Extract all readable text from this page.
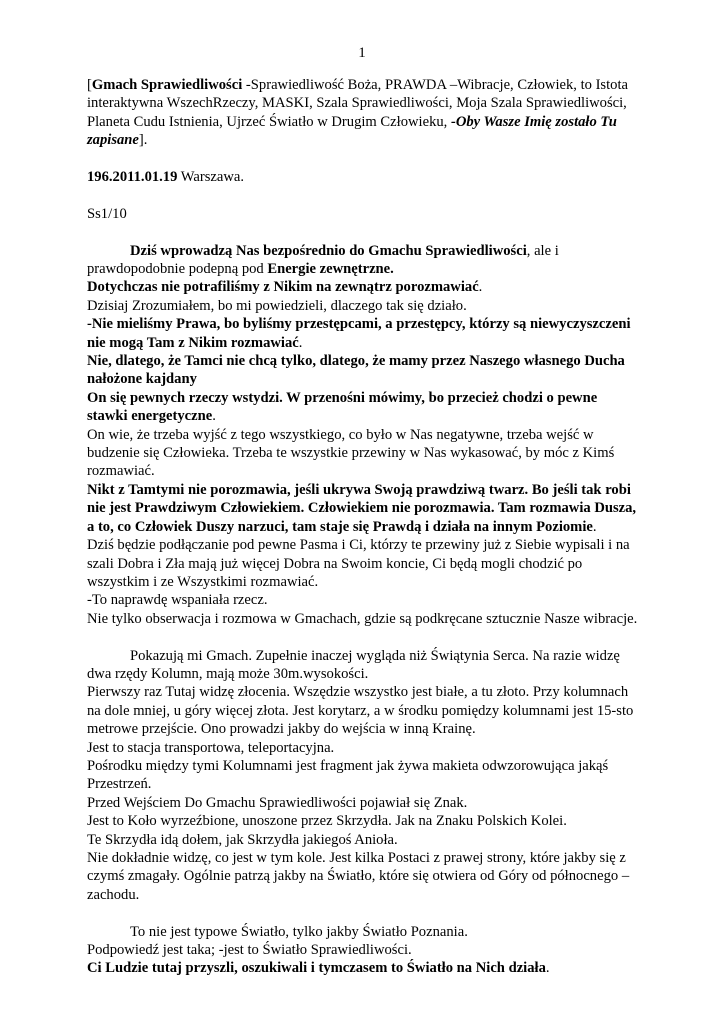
1

[Gmach Sprawiedliwości -Sprawiedliwość Boża, PRAWDA –Wibracje, Człowiek, to Istota

interaktywna WszechRzeczy, MASKI, Szala Sprawiedliwości, Moja Szala Sprawiedliwości,

Planeta Cudu Istnienia, Ujrzeć Światło w Drugim Człowieku, -Oby Wasze Imię zostało Tu

zapisane].

196.2011.01.19 Warszawa.

Ss1/10

Dziś wprowadzą Nas bezpośrednio do Gmachu Sprawiedliwości, ale i

prawdopodobnie podepną pod Energie zewnętrzne.

Dotychczas nie potrafiliśmy z Nikim na zewnątrz porozmawiać.

Dzisiaj Zrozumiałem, bo mi powiedzieli, dlaczego tak się działo.

-Nie mieliśmy Prawa, bo byliśmy przestępcami, a przestępcy, którzy są niewyczyszczeni

nie mogą Tam z Nikim rozmawiać.

Nie, dlatego, że Tamci nie chcą tylko, dlatego, że mamy przez Naszego własnego Ducha

nałożone kajdany

On się pewnych rzeczy wstydzi. W przenośni mówimy, bo przecież chodzi o pewne

stawki energetyczne.

On wie, że trzeba wyjść z tego wszystkiego, co było w Nas negatywne, trzeba wejść w

budzenie się Człowieka. Trzeba te wszystkie przewiny w Nas wykasować, by móc z Kimś

rozmawiać.

Nikt z Tamtymi nie porozmawia, jeśli ukrywa Swoją prawdziwą twarz. Bo jeśli tak robi

nie jest Prawdziwym Człowiekiem. Człowiekiem nie porozmawia. Tam rozmawia Dusza,

a to, co Człowiek Duszy narzuci, tam staje się Prawdą i działa na innym Poziomie.

Dziś będzie podłączanie pod pewne Pasma i Ci, którzy te przewiny już z Siebie wypisali i na

szali Dobra i Zła mają już więcej Dobra na Swoim koncie, Ci będą mogli chodzić po

wszystkim i ze Wszystkimi rozmawiać.

-To naprawdę wspaniała rzecz.

Nie tylko obserwacja i rozmowa w Gmachach, gdzie są podkręcane sztucznie Nasze wibracje.

Pokazują mi Gmach. Zupełnie inaczej wygląda niż Świątynia Serca. Na razie widzę

dwa rzędy Kolumn, mają może 30m.wysokości.

Pierwszy raz Tutaj widzę złocenia. Wszędzie wszystko jest białe, a tu złoto. Przy kolumnach

na dole mniej, u góry więcej złota. Jest korytarz, a w środku pomiędzy kolumnami jest 15-sto

metrowe przejście. Ono prowadzi jakby do wejścia w inną Krainę.

Jest to stacja transportowa, teleportacyjna.

Pośrodku między tymi Kolumnami jest fragment jak żywa makieta odwzorowująca jakąś

Przestrzeń.

Przed Wejściem Do Gmachu Sprawiedliwości pojawiał się Znak.

Jest to Koło wyrzeźbione, unoszone przez Skrzydła. Jak na Znaku Polskich Kolei.

Te Skrzydła idą dołem, jak Skrzydła jakiegoś Anioła.

Nie dokładnie widzę, co jest w tym kole. Jest kilka Postaci z prawej strony, które jakby się z

czymś zmagały. Ogólnie patrzą jakby na Światło, które się otwiera od Góry od północnego –

zachodu.

To nie jest typowe Światło, tylko jakby Światło Poznania.

Podpowiedź jest taka; -jest to Światło Sprawiedliwości.

Ci Ludzie tutaj przyszli, oszukiwali i tymczasem to Światło na Nich działa.
